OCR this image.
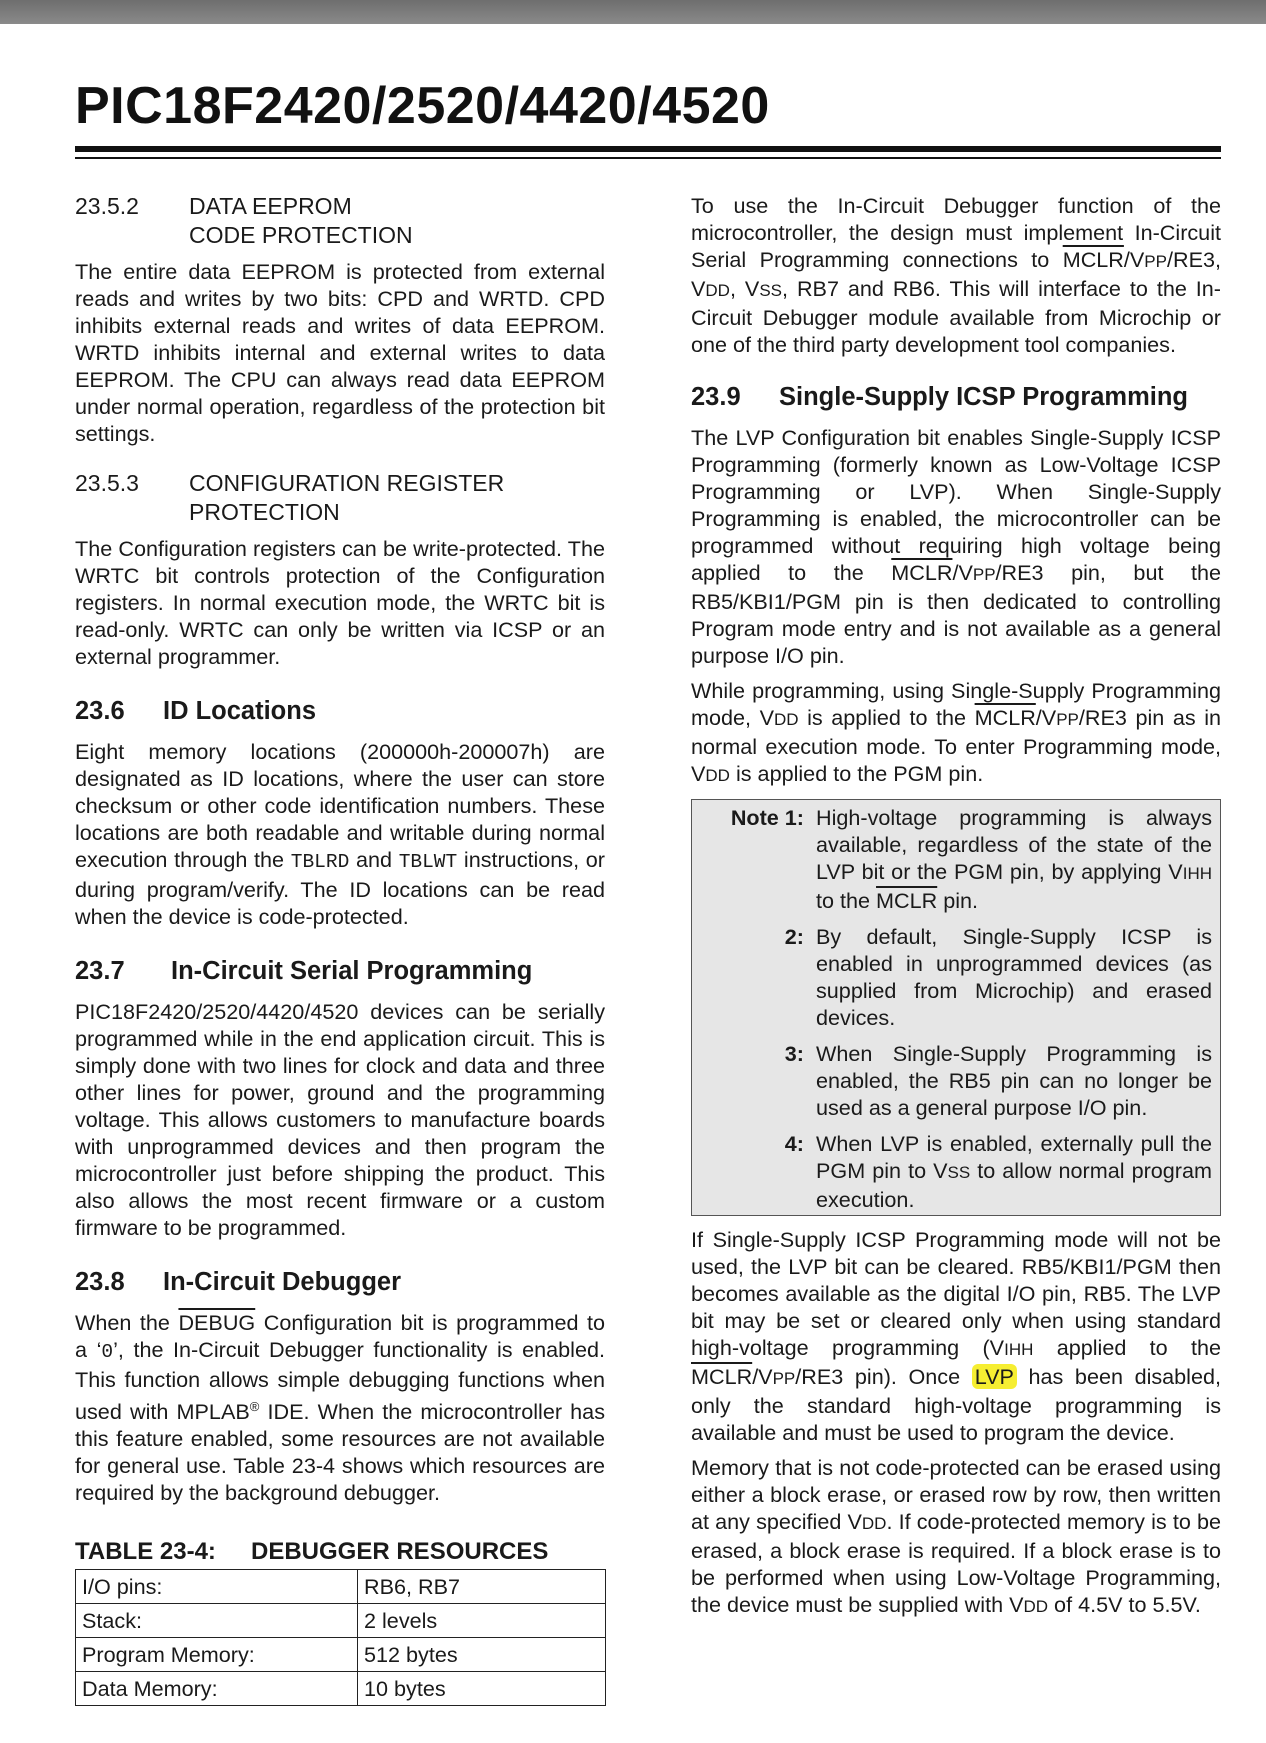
PIC18F2420/2520/4420/4520
23.5.2	DATA EEPROM
CODE PROTECTION

The entire data EEPROM is protected from external reads and writes by two bits: CPD and WRTD. CPD inhibits external reads and writes of data EEPROM. WRTD inhibits internal and external writes to data EEPROM. The CPU can always read data EEPROM under normal operation, regardless of the protection bit settings.

23.5.3	CONFIGURATION REGISTER
PROTECTION

The Configuration registers can be write-protected. The WRTC bit controls protection of the Configuration registers. In normal execution mode, the WRTC bit is read-only. WRTC can only be written via ICSP or an external programmer.

23.6 ID Locations

Eight memory locations (200000h-200007h) are designated as ID locations, where the user can store checksum or other code identification numbers. These locations are both readable and writable during normal execution through the TBLRD and TBLWT instructions, or during program/verify. The ID locations can be read when the device is code-protected.

23.7 In-Circuit Serial Programming

PIC18F2420/2520/4420/4520 devices can be serially programmed while in the end application circuit. This is simply done with two lines for clock and data and three other lines for power, ground and the programming voltage. This allows customers to manufacture boards with unprogrammed devices and then program the microcontroller just before shipping the product. This also allows the most recent firmware or a custom firmware to be programmed.

23.8 In-Circuit Debugger

When the DEBUG Configuration bit is programmed to a ‘0’, the In-Circuit Debugger functionality is enabled. This function allows simple debugging functions when used with MPLAB® IDE. When the microcontroller has this feature enabled, some resources are not available for general use. Table 23-4 shows which resources are required by the background debugger.

TABLE 23-4:	DEBUGGER RESOURCES
I/O pins:	RB6, RB7
Stack:	2 levels
Program Memory:	512 bytes
Data Memory:	10 bytes

To use the In-Circuit Debugger function of the microcontroller, the design must implement In-Circuit Serial Programming connections to MCLR/VPP/RE3, VDD, VSS, RB7 and RB6. This will interface to the In-Circuit Debugger module available from Microchip or one of the third party development tool companies.

23.9 Single-Supply ICSP Programming

The LVP Configuration bit enables Single-Supply ICSP Programming (formerly known as Low-Voltage ICSP Programming or LVP). When Single-Supply Programming is enabled, the microcontroller can be programmed without requiring high voltage being applied to the MCLR/VPP/RE3 pin, but the RB5/KBI1/PGM pin is then dedicated to controlling Program mode entry and is not available as a general purpose I/O pin.

While programming, using Single-Supply Programming mode, VDD is applied to the MCLR/VPP/RE3 pin as in normal execution mode. To enter Programming mode, VDD is applied to the PGM pin.

Note 1: High-voltage programming is always available, regardless of the state of the LVP bit or the PGM pin, by applying VIHH to the MCLR pin.
2: By default, Single-Supply ICSP is enabled in unprogrammed devices (as supplied from Microchip) and erased devices.
3: When Single-Supply Programming is enabled, the RB5 pin can no longer be used as a general purpose I/O pin.
4: When LVP is enabled, externally pull the PGM pin to VSS to allow normal program execution.

If Single-Supply ICSP Programming mode will not be used, the LVP bit can be cleared. RB5/KBI1/PGM then becomes available as the digital I/O pin, RB5. The LVP bit may be set or cleared only when using standard high-voltage programming (VIHH applied to the MCLR/VPP/RE3 pin). Once LVP has been disabled, only the standard high-voltage programming is available and must be used to program the device.

Memory that is not code-protected can be erased using either a block erase, or erased row by row, then written at any specified VDD. If code-protected memory is to be erased, a block erase is required. If a block erase is to be performed when using Low-Voltage Programming, the device must be supplied with VDD of 4.5V to 5.5V.
